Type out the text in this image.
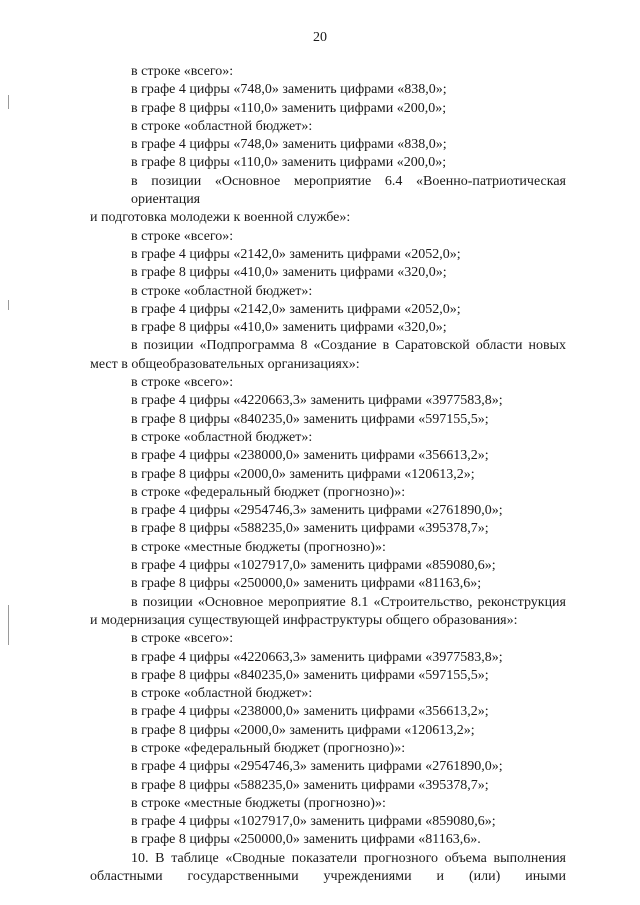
20
в строке «всего»:
в графе 4 цифры «748,0» заменить цифрами «838,0»;
в графе 8 цифры «110,0» заменить цифрами «200,0»;
в строке «областной бюджет»:
в графе 4 цифры «748,0» заменить цифрами «838,0»;
в графе 8 цифры «110,0» заменить цифрами «200,0»;
в позиции «Основное мероприятие 6.4 «Военно-патриотическая ориентация
и подготовка молодежи к военной службе»:
в строке «всего»:
в графе 4 цифры «2142,0» заменить цифрами «2052,0»;
в графе 8 цифры «410,0» заменить цифрами «320,0»;
в строке «областной бюджет»:
в графе 4 цифры «2142,0» заменить цифрами «2052,0»;
в графе 8 цифры «410,0» заменить цифрами «320,0»;
в позиции «Подпрограмма 8 «Создание в Саратовской области новых
мест в общеобразовательных организациях»:
в строке «всего»:
в графе 4 цифры «4220663,3» заменить цифрами «3977583,8»;
в графе 8 цифры «840235,0» заменить цифрами «597155,5»;
в строке «областной бюджет»:
в графе 4 цифры «238000,0» заменить цифрами «356613,2»;
в графе 8 цифры «2000,0» заменить цифрами «120613,2»;
в строке «федеральный бюджет (прогнозно)»:
в графе 4 цифры «2954746,3» заменить цифрами «2761890,0»;
в графе 8 цифры «588235,0» заменить цифрами «395378,7»;
в строке «местные бюджеты (прогнозно)»:
в графе 4 цифры «1027917,0» заменить цифрами «859080,6»;
в графе 8 цифры «250000,0» заменить цифрами «81163,6»;
в позиции «Основное мероприятие 8.1 «Строительство, реконструкция
и модернизация существующей инфраструктуры общего образования»:
в строке «всего»:
в графе 4 цифры «4220663,3» заменить цифрами «3977583,8»;
в графе 8 цифры «840235,0» заменить цифрами «597155,5»;
в строке «областной бюджет»:
в графе 4 цифры «238000,0» заменить цифрами «356613,2»;
в графе 8 цифры «2000,0» заменить цифрами «120613,2»;
в строке «федеральный бюджет (прогнозно)»:
в графе 4 цифры «2954746,3» заменить цифрами «2761890,0»;
в графе 8 цифры «588235,0» заменить цифрами «395378,7»;
в строке «местные бюджеты (прогнозно)»:
в графе 4 цифры «1027917,0» заменить цифрами «859080,6»;
в графе 8 цифры «250000,0» заменить цифрами «81163,6».
10. В таблице «Сводные показатели прогнозного объема выполнения
областными государственными учреждениями и (или) иными
